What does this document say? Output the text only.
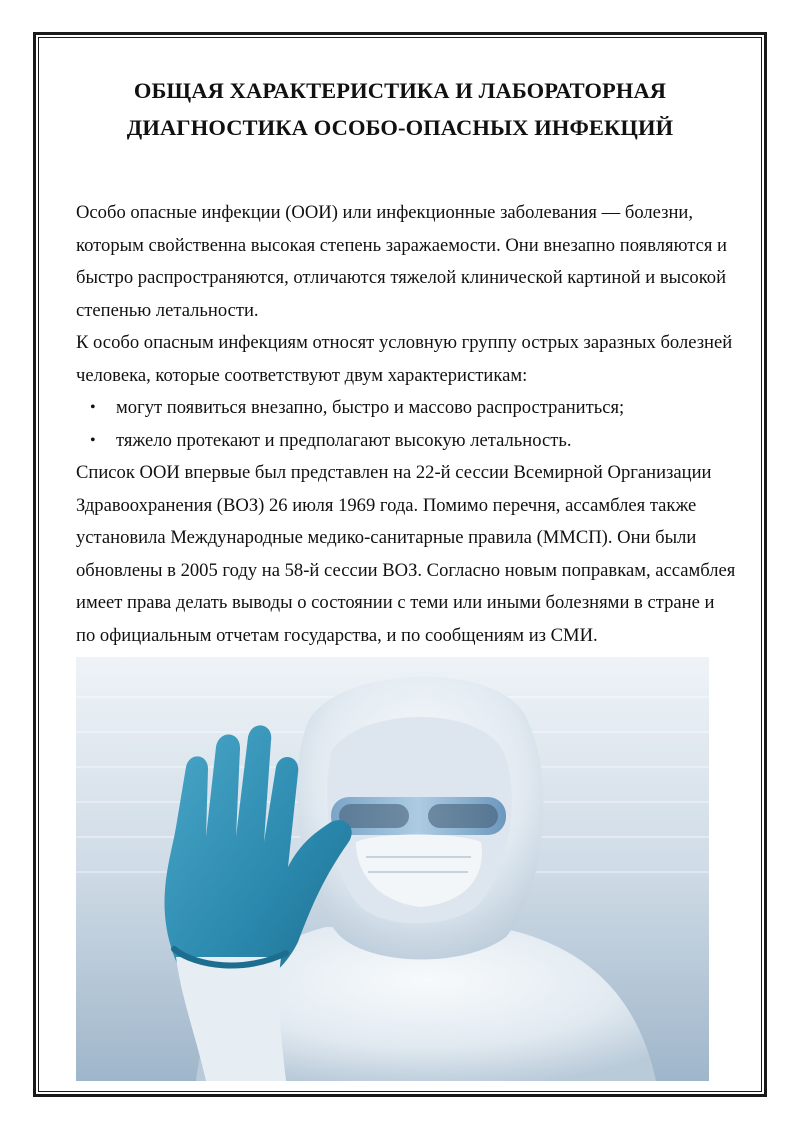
ОБЩАЯ ХАРАКТЕРИСТИКА И ЛАБОРАТОРНАЯ
ДИАГНОСТИКА ОСОБО-ОПАСНЫХ ИНФЕКЦИЙ

Особо опасные инфекции (ООИ) или инфекционные заболевания — болезни, которым свойственна высокая степень заражаемости. Они внезапно появляются и быстро распространяются, отличаются тяжелой клинической картиной и высокой степенью летальности.

К особо опасным инфекциям относят условную группу острых заразных болезней человека, которые соответствуют двум характеристикам:

• могут появиться внезапно, быстро и массово распространиться;
• тяжело протекают и предполагают высокую летальность.

Список ООИ впервые был представлен на 22-й сессии Всемирной Организации Здравоохранения (ВОЗ) 26 июля 1969 года. Помимо перечня, ассамблея также установила Международные медико-санитарные правила (ММСП). Они были обновлены в 2005 году на 58-й сессии ВОЗ. Согласно новым поправкам, ассамблея имеет права делать выводы о состоянии с теми или иными болезнями в стране и по официальным отчетам государства, и по сообщениям из СМИ.
